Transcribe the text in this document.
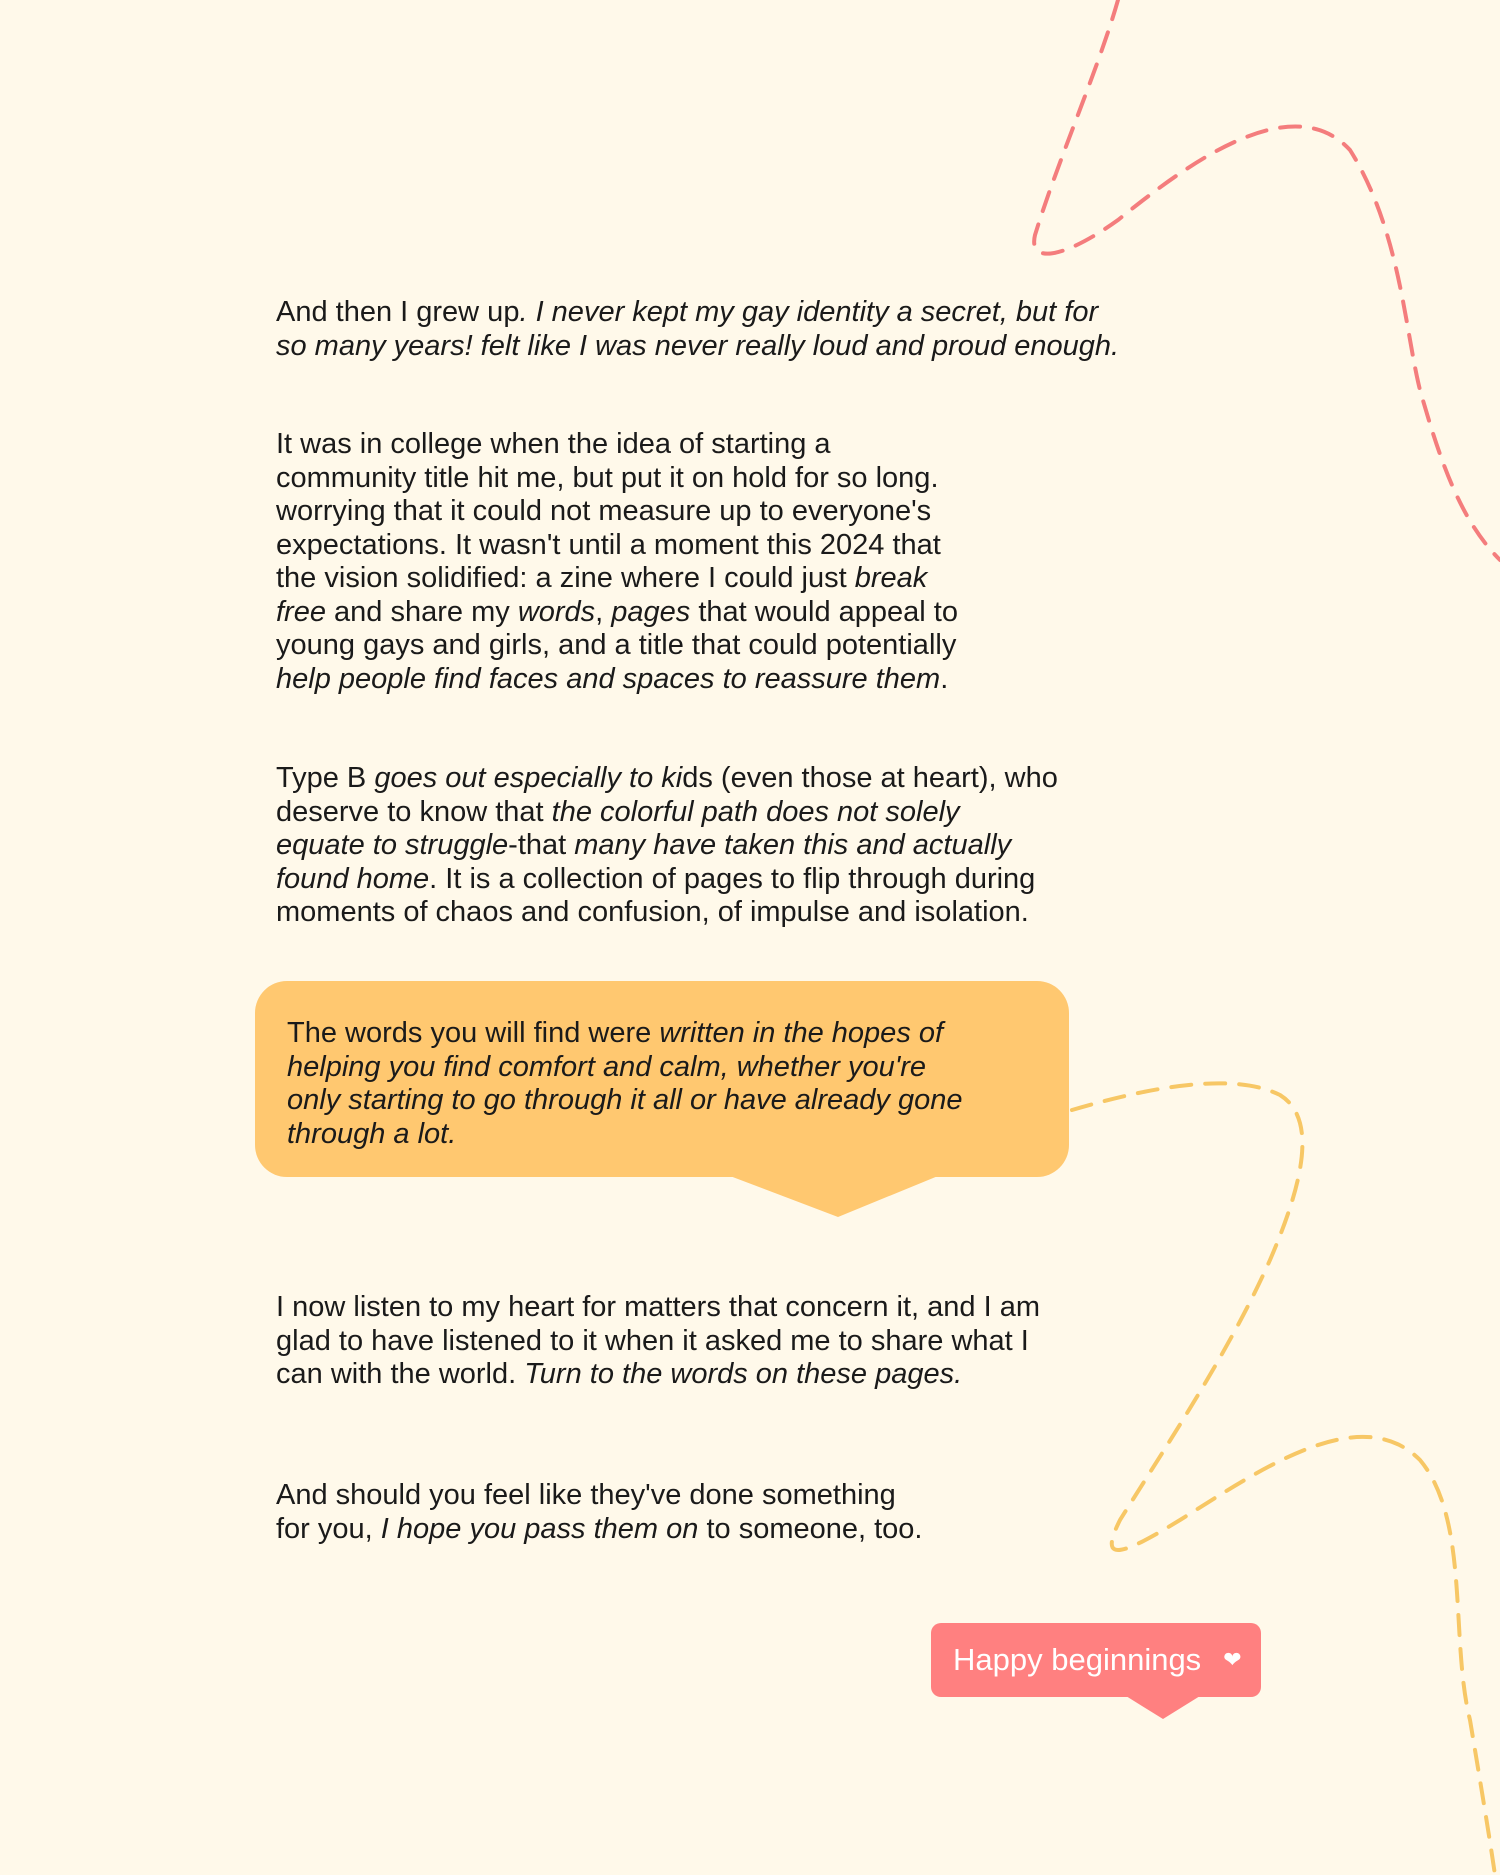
And then I grew up. I never kept my gay identity a secret, but for
so many years! felt like I was never really loud and proud enough.

It was in college when the idea of starting a
community title hit me, but put it on hold for so long.
worrying that it could not measure up to everyone's
expectations. It wasn't until a moment this 2024 that
the vision solidified: a zine where I could just break
free and share my words, pages that would appeal to
young gays and girls, and a title that could potentially
help people find faces and spaces to reassure them.

Type B goes out especially to kids (even those at heart), who
deserve to know that the colorful path does not solely
equate to struggle-that many have taken this and actually
found home. It is a collection of pages to flip through during
moments of chaos and confusion, of impulse and isolation.

The words you will find were written in the hopes of
helping you find comfort and calm, whether you're
only starting to go through it all or have already gone
through a lot.

I now listen to my heart for matters that concern it, and I am
glad to have listened to it when it asked me to share what I
can with the world. Turn to the words on these pages.

And should you feel like they've done something
for you, I hope you pass them on to someone, too.

Happy beginnings ❤
